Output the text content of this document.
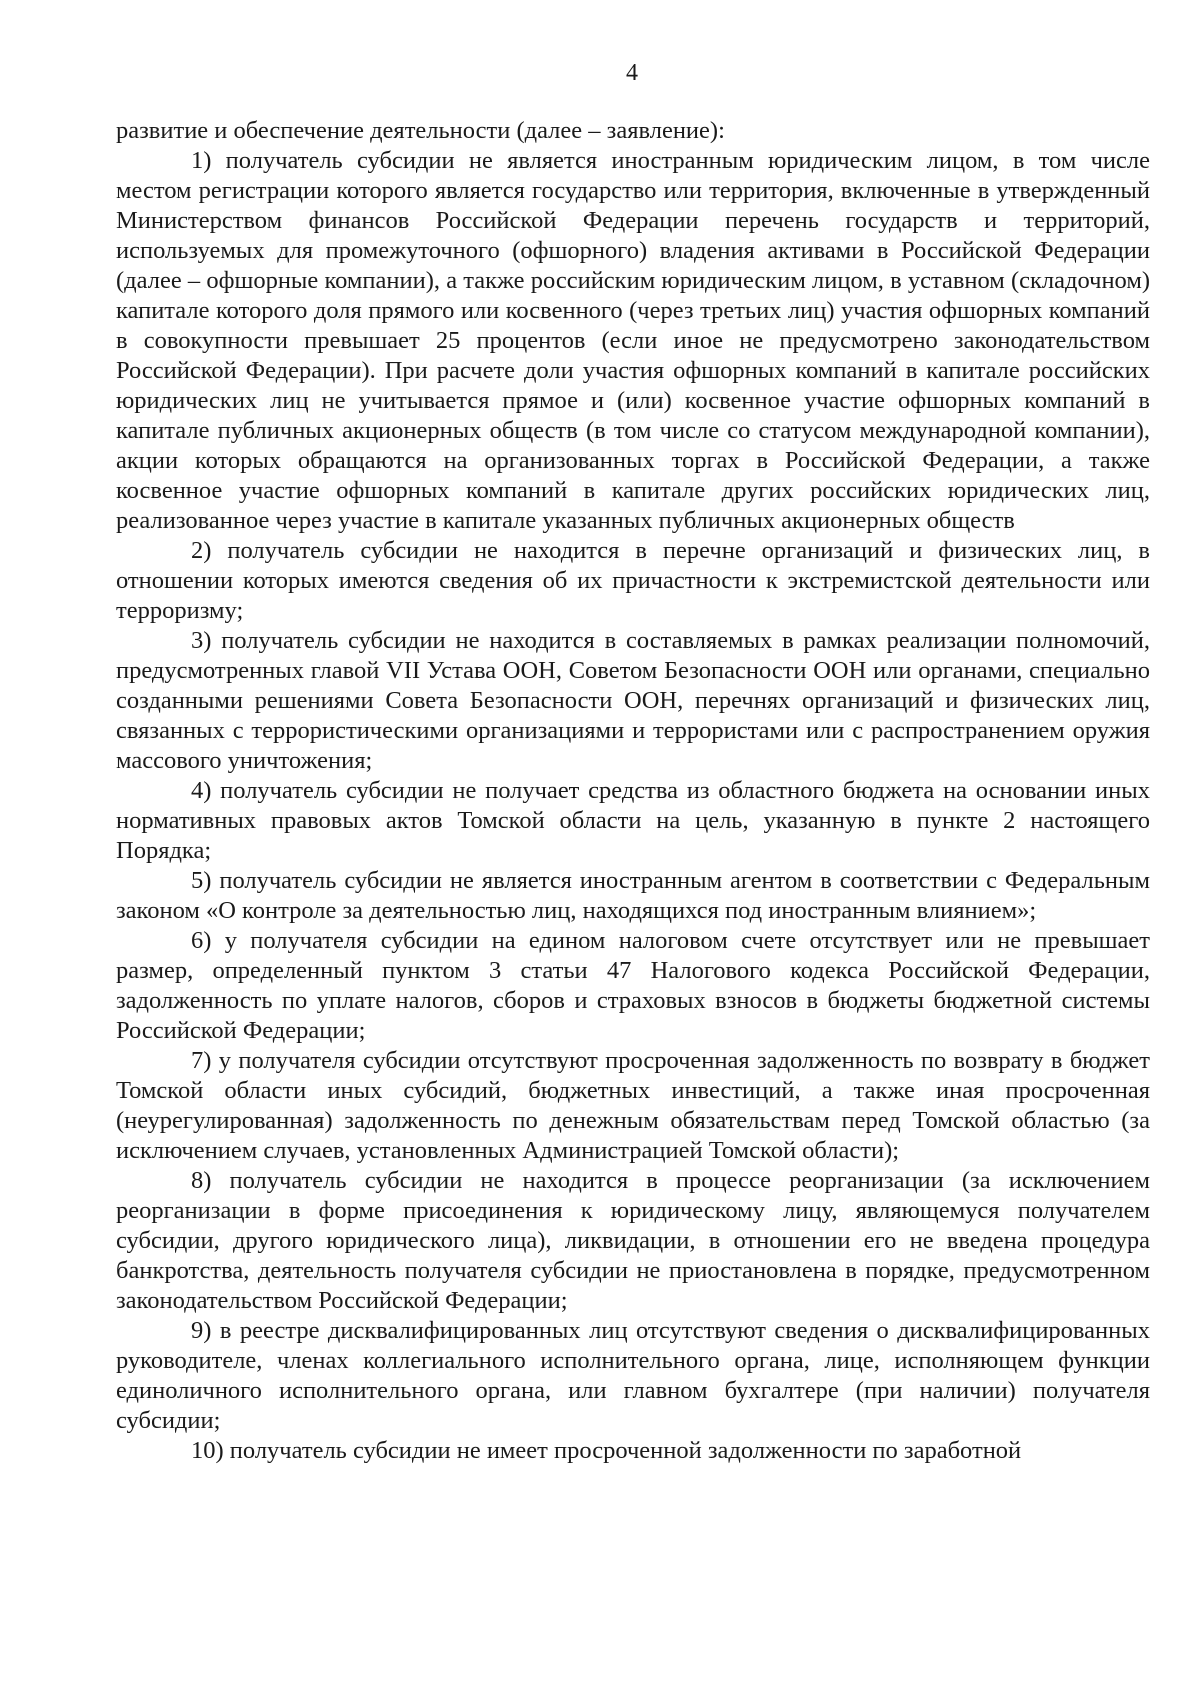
4

развитие и обеспечение деятельности (далее – заявление):

1) получатель субсидии не является иностранным юридическим лицом, в том числе местом регистрации которого является государство или территория, включенные в утвержденный Министерством финансов Российской Федерации перечень государств и территорий, используемых для промежуточного (офшорного) владения активами в Российской Федерации (далее – офшорные компании), а также российским юридическим лицом, в уставном (складочном) капитале которого доля прямого или косвенного (через третьих лиц) участия офшорных компаний в совокупности превышает 25 процентов (если иное не предусмотрено законодательством Российской Федерации). При расчете доли участия офшорных компаний в капитале российских юридических лиц не учитывается прямое и (или) косвенное участие офшорных компаний в капитале публичных акционерных обществ (в том числе со статусом международной компании), акции которых обращаются на организованных торгах в Российской Федерации, а также косвенное участие офшорных компаний в капитале других российских юридических лиц, реализованное через участие в капитале указанных публичных акционерных обществ

2) получатель субсидии не находится в перечне организаций и физических лиц, в отношении которых имеются сведения об их причастности к экстремистской деятельности или терроризму;

3) получатель субсидии не находится в составляемых в рамках реализации полномочий, предусмотренных главой VII Устава ООН, Советом Безопасности ООН или органами, специально созданными решениями Совета Безопасности ООН, перечнях организаций и физических лиц, связанных с террористическими организациями и террористами или с распространением оружия массового уничтожения;

4) получатель субсидии не получает средства из областного бюджета на основании иных нормативных правовых актов Томской области на цель, указанную в пункте 2 настоящего Порядка;

5) получатель субсидии не является иностранным агентом в соответствии с Федеральным законом «О контроле за деятельностью лиц, находящихся под иностранным влиянием»;

6) у получателя субсидии на едином налоговом счете отсутствует или не превышает размер, определенный пунктом 3 статьи 47 Налогового кодекса Российской Федерации, задолженность по уплате налогов, сборов и страховых взносов в бюджеты бюджетной системы Российской Федерации;

7) у получателя субсидии отсутствуют просроченная задолженность по возврату в бюджет Томской области иных субсидий, бюджетных инвестиций, а также иная просроченная (неурегулированная) задолженность по денежным обязательствам перед Томской областью (за исключением случаев, установленных Администрацией Томской области);

8) получатель субсидии не находится в процессе реорганизации (за исключением реорганизации в форме присоединения к юридическому лицу, являющемуся получателем субсидии, другого юридического лица), ликвидации, в отношении его не введена процедура банкротства, деятельность получателя субсидии не приостановлена в порядке, предусмотренном законодательством Российской Федерации;

9) в реестре дисквалифицированных лиц отсутствуют сведения о дисквалифицированных руководителе, членах коллегиального исполнительного органа, лице, исполняющем функции единоличного исполнительного органа, или главном бухгалтере (при наличии) получателя субсидии;

10) получатель субсидии не имеет просроченной задолженности по заработной
